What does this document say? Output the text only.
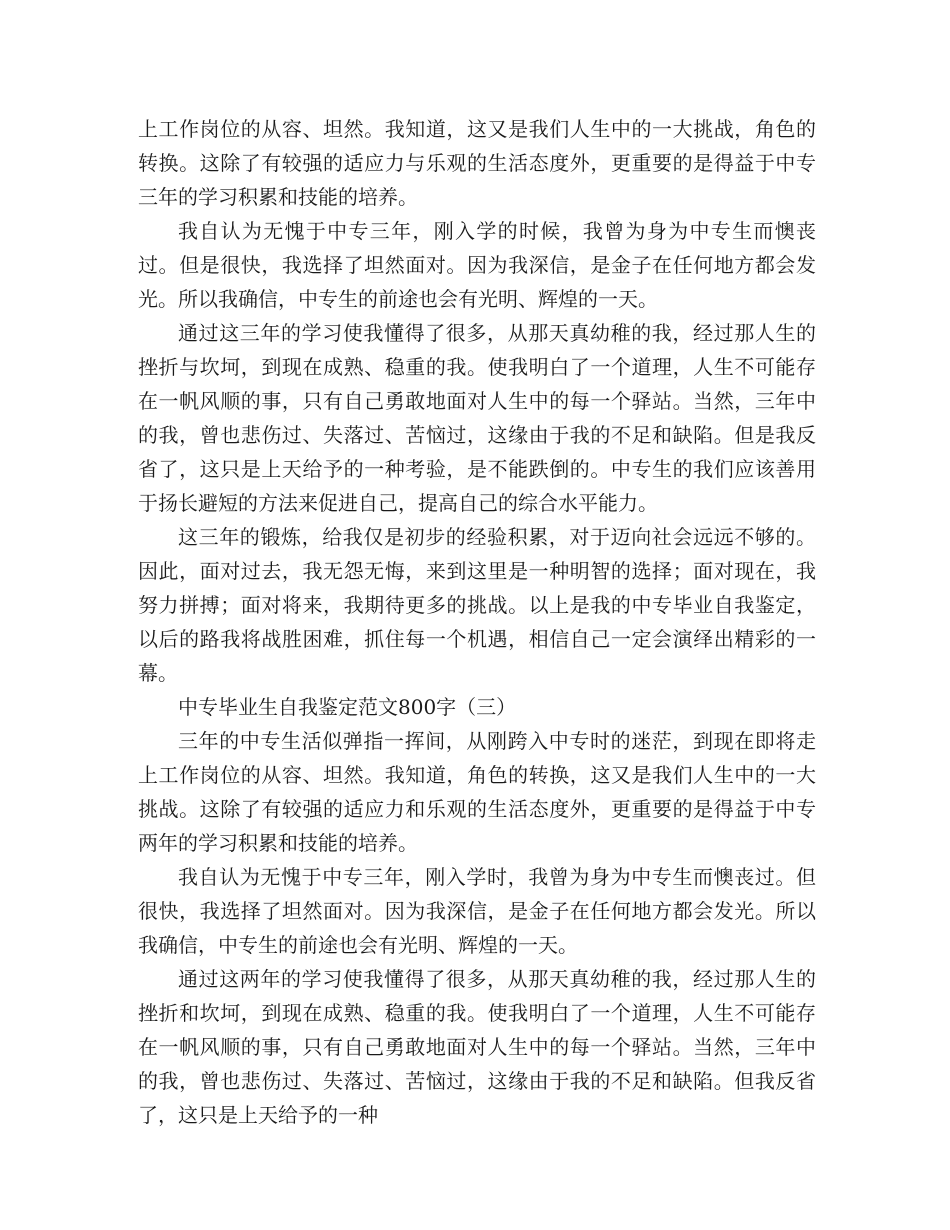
上工作岗位的从容、坦然。我知道，这又是我们人生中的一大挑战，角色的转换。这除了有较强的适应力与乐观的生活态度外，更重要的是得益于中专三年的学习积累和技能的培养。

我自认为无愧于中专三年，刚入学的时候，我曾为身为中专生而懊丧过。但是很快，我选择了坦然面对。因为我深信，是金子在任何地方都会发光。所以我确信，中专生的前途也会有光明、辉煌的一天。

通过这三年的学习使我懂得了很多，从那天真幼稚的我，经过那人生的挫折与坎坷，到现在成熟、稳重的我。使我明白了一个道理，人生不可能存在一帆风顺的事，只有自己勇敢地面对人生中的每一个驿站。当然，三年中的我，曾也悲伤过、失落过、苦恼过，这缘由于我的不足和缺陷。但是我反省了，这只是上天给予的一种考验，是不能跌倒的。中专生的我们应该善用于扬长避短的方法来促进自己，提高自己的综合水平能力。

这三年的锻炼，给我仅是初步的经验积累，对于迈向社会远远不够的。因此，面对过去，我无怨无悔，来到这里是一种明智的选择；面对现在，我努力拼搏；面对将来，我期待更多的挑战。以上是我的中专毕业自我鉴定，以后的路我将战胜困难，抓住每一个机遇，相信自己一定会演绎出精彩的一幕。

中专毕业生自我鉴定范文800字（三）

三年的中专生活似弹指一挥间，从刚跨入中专时的迷茫，到现在即将走上工作岗位的从容、坦然。我知道，角色的转换，这又是我们人生中的一大挑战。这除了有较强的适应力和乐观的生活态度外，更重要的是得益于中专两年的学习积累和技能的培养。

我自认为无愧于中专三年，刚入学时，我曾为身为中专生而懊丧过。但很快，我选择了坦然面对。因为我深信，是金子在任何地方都会发光。所以我确信，中专生的前途也会有光明、辉煌的一天。

通过这两年的学习使我懂得了很多，从那天真幼稚的我，经过那人生的挫折和坎坷，到现在成熟、稳重的我。使我明白了一个道理，人生不可能存在一帆风顺的事，只有自己勇敢地面对人生中的每一个驿站。当然，三年中的我，曾也悲伤过、失落过、苦恼过，这缘由于我的不足和缺陷。但我反省了，这只是上天给予的一种
